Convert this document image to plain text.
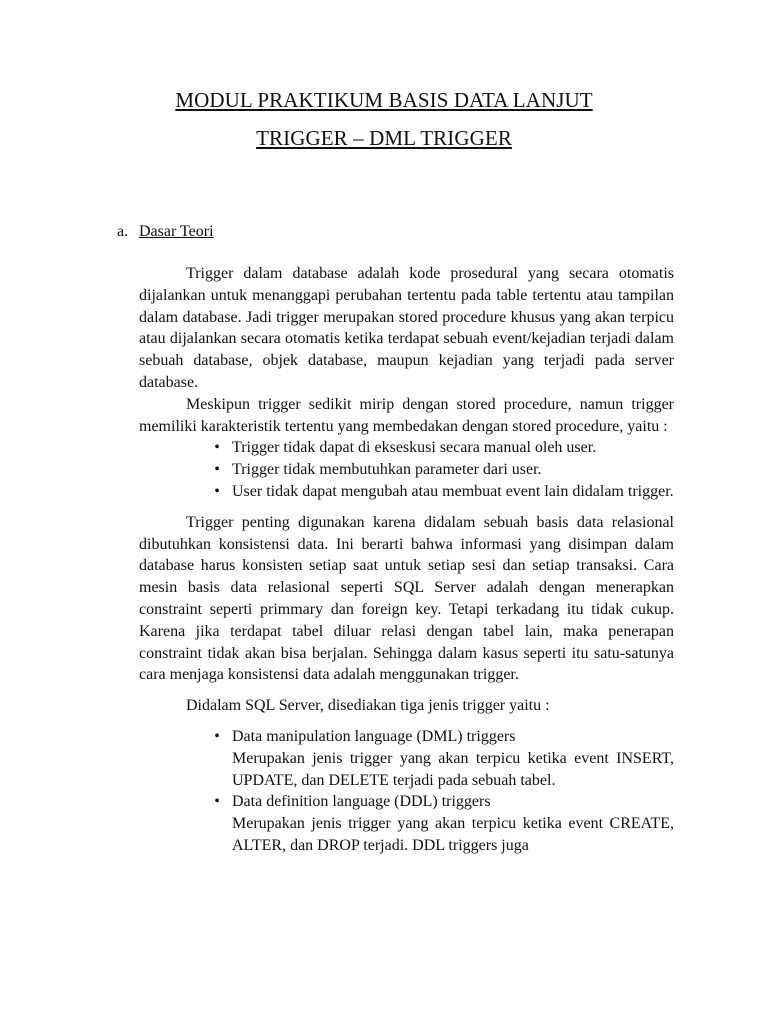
MODUL PRAKTIKUM BASIS DATA LANJUT
TRIGGER – DML TRIGGER
a. Dasar Teori

Trigger dalam database adalah kode prosedural yang secara otomatis dijalankan untuk menanggapi perubahan tertentu pada table tertentu atau tampilan dalam database. Jadi trigger merupakan stored procedure khusus yang akan terpicu atau dijalankan secara otomatis ketika terdapat sebuah event/kejadian terjadi dalam sebuah database, objek database, maupun kejadian yang terjadi pada server database.

Meskipun trigger sedikit mirip dengan stored procedure, namun trigger memiliki karakteristik tertentu yang membedakan dengan stored procedure, yaitu :

• Trigger tidak dapat di ekseskusi secara manual oleh user.
• Trigger tidak membutuhkan parameter dari user.
• User tidak dapat mengubah atau membuat event lain didalam trigger.

Trigger penting digunakan karena didalam sebuah basis data relasional dibutuhkan konsistensi data. Ini berarti bahwa informasi yang disimpan dalam database harus konsisten setiap saat untuk setiap sesi dan setiap transaksi. Cara mesin basis data relasional seperti SQL Server adalah dengan menerapkan constraint seperti primmary dan foreign key. Tetapi terkadang itu tidak cukup. Karena jika terdapat tabel diluar relasi dengan tabel lain, maka penerapan constraint tidak akan bisa berjalan. Sehingga dalam kasus seperti itu satu-satunya cara menjaga konsistensi data adalah menggunakan trigger.

Didalam SQL Server, disediakan tiga jenis trigger yaitu :

• Data manipulation language (DML) triggers
Merupakan jenis trigger yang akan terpicu ketika event INSERT, UPDATE, dan DELETE terjadi pada sebuah tabel.
• Data definition language (DDL) triggers
Merupakan jenis trigger yang akan terpicu ketika event CREATE, ALTER, dan DROP terjadi. DDL triggers juga
